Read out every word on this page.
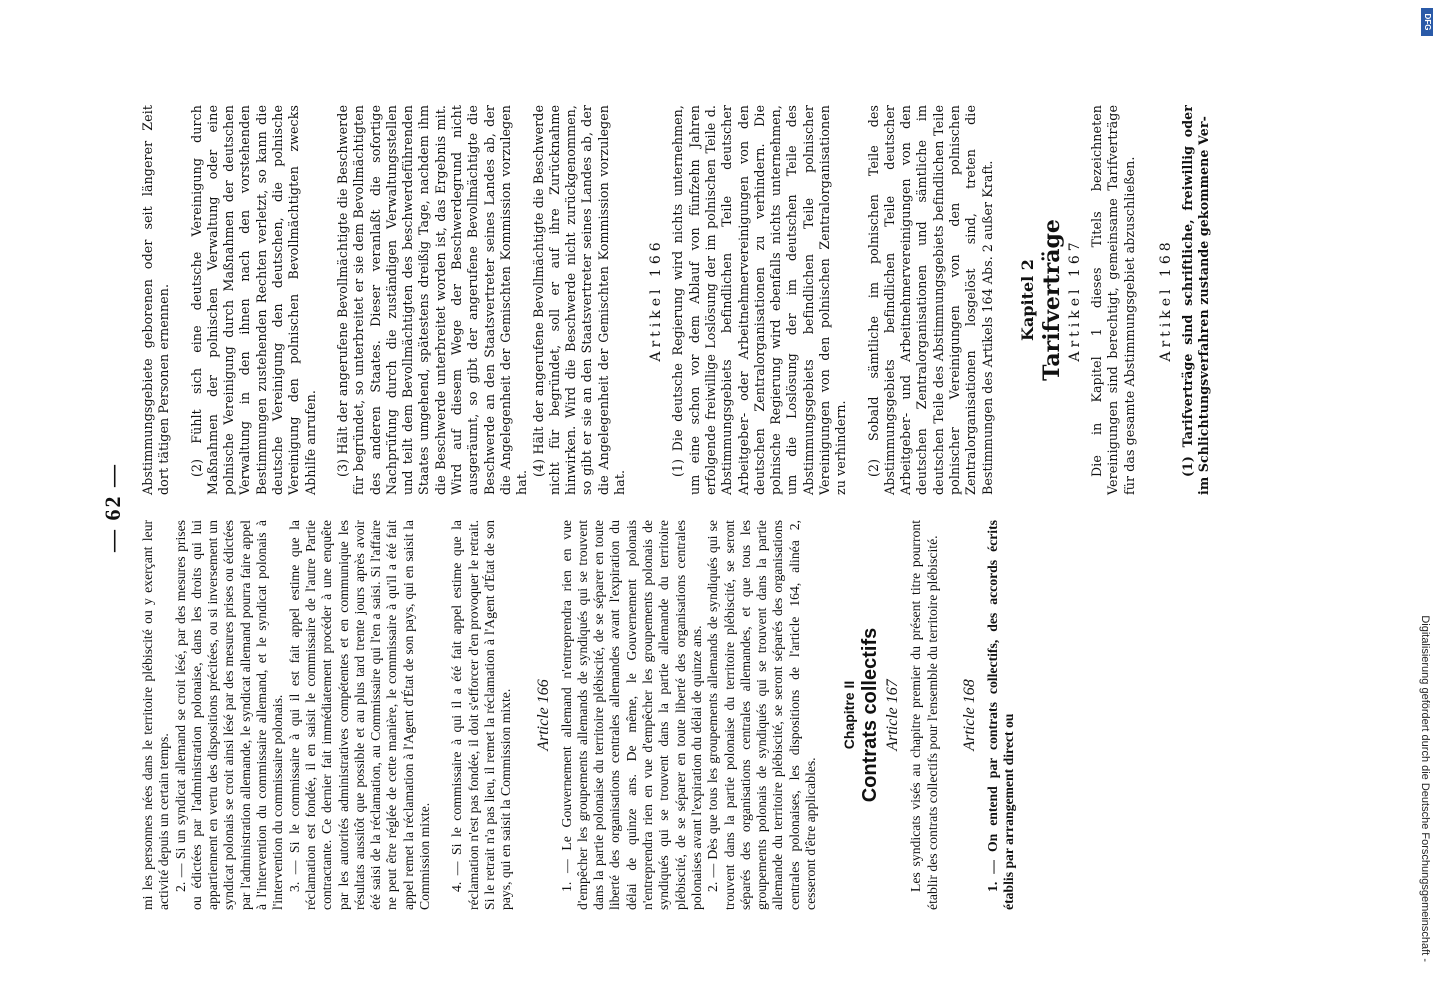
— 62 —

mi les personnes nées dans le territoire plébiscité ou y exerçant leur activité depuis un certain temps. 2. — Si un syndicat allemand se croit lésé, par des mesures prises ou édictées par l'administration polonaise, dans les droits qui lui appartiennent en vertu des dispositions précitées, ou si inversement un syndicat polonais se croit ainsi lésé par des mesures prises ou édictées par l'administration allemande, le syndicat allemand pourra faire appel à l'intervention du commissaire allemand, et le syndicat polonais à l'intervention du commissaire polonais. 3. — Si le commissaire à qui il est fait appel estime que la réclamation est fondée, il en saisit le commissaire de l'autre Partie contractante. Ce dernier fait immédiatement procéder à une enquête par les autorités administratives compétentes et en communique les résultats aussitôt que possible et au plus tard trente jours après avoir été saisi de la réclamation, au Commissaire qui l'en a saisi. Si l'affaire ne peut être réglée de cette manière, le commissaire à qu'il a été fait appel remet la réclamation à l'Agent d'État de son pays, qui en saisit la Commission mixte. 4. — Si le commissaire à qui il a été fait appel estime que la réclamation n'est pas fondée, il doit s'efforcer d'en provoquer le retrait. Si le retrait n'a pas lieu, il remet la réclamation à l'Agent d'État de son pays, qui en saisit la Commission mixte. Article 166 1. — Le Gouvernement allemand n'entreprendra rien en vue d'empêcher les groupements allemands de syndiqués qui se trouvent dans la partie polonaise du territoire plébiscité, de se séparer en toute liberté des organisations centrales allemandes avant l'expiration du délai de quinze ans. De même, le Gouvernement polonais n'entreprendra rien en vue d'empêcher les groupements polonais de syndiqués qui se trouvent dans la partie allemande du territoire plébiscité, de se séparer en toute liberté des organisations centrales polonaises avant l'expiration du délai de quinze ans. 2. — Dès que tous les groupements allemands de syndiqués qui se trouvent dans la partie polonaise du territoire plébiscité, se seront séparés des organisations centrales allemandes, et que tous les groupements polonais de syndiqués qui se trouvent dans la partie allemande du territoire plébiscité, se seront séparés des organisations centrales polonaises, les dispositions de l'article 164, alinéa 2, cesseront d'être applicables.

Chapitre II Contrats collectifs Article 167 Les syndicats visés au chapitre premier du présent titre pourront établir des contrats collectifs pour l'ensemble du territoire plébiscité. Article 168 1. — On entend par contrats collectifs, des accords écrits établis par arrangement direct ou

Abstimmungsgebiete geborenen oder seit längerer Zeit dort tätigen Personen ernennen. (2) Fühlt sich eine deutsche Vereinigung durch Maßnahmen der polnischen Verwaltung oder eine polnische Vereinigung durch Maßnahmen der deutschen Verwaltung in den ihnen nach den vorstehenden Bestimmungen zustehenden Rechten verletzt, so kann die deutsche Vereinigung den deutschen, die polnische Vereinigung den polnischen Bevollmächtigten zwecks Abhilfe anrufen. (3) Hält der angerufene Bevollmächtigte die Beschwerde für begründet, so unterbreitet er sie dem Bevollmächtigten des anderen Staates. Dieser veranlaßt die sofortige Nachprüfung durch die zuständigen Verwaltungsstellen und teilt dem Bevollmächtigten des beschwerdeführenden Staates umgehend, spätestens dreißig Tage, nachdem ihm die Beschwerde unterbreitet worden ist, das Ergebnis mit. Wird auf diesem Wege der Beschwerdegrund nicht ausgeräumt, so gibt der angerufene Bevollmächtigte die Beschwerde an den Staatsvertreter seines Landes ab, der die Angelegenheit der Gemischten Kommission vorzulegen hat.

(4) Hält der angerufene Bevollmächtigte die Beschwerde nicht für begründet, soll er auf ihre Zurücknahme hinwirken. Wird die Beschwerde nicht zurückgenommen, so gibt er sie an den Staatsvertreter seines Landes ab, der die Angelegenheit der Gemischten Kommission vorzulegen hat.

Artikel 166 (1) Die deutsche Regierung wird nichts unternehmen, um eine schon vor dem Ablauf von fünfzehn Jahren erfolgende freiwillige Loslösung der im polnischen Teile d. Abstimmungsgebiets befindlichen Teile deutscher Arbeitgeber- oder Arbeitnehmervereinigungen von den deutschen Zentralorganisationen zu verhindern. Die polnische Regierung wird ebenfalls nichts unternehmen, um die Loslösung der im deutschen Teile des Abstimmungsgebiets befindlichen Teile polnischer Vereinigungen von den polnischen Zentralorganisationen zu verhindern. (2) Sobald sämtliche im polnischen Teile des Abstimmungsgebiets befindlichen Teile deutscher Arbeitgeber- und Arbeitnehmervereinigungen von den deutschen Zentralorganisationen und sämtliche im deutschen Teile des Abstimmungsgebiets befindlichen Teile polnischer Vereinigungen von den polnischen Zentralorganisationen losgelöst sind, treten die Bestimmungen des Artikels 164 Abs. 2 außer Kraft. Kapitel 2 Tarifverträge Artikel 167 Die in Kapitel 1 dieses Titels bezeichneten Vereinigungen sind berechtigt, gemeinsame Tarifverträge für das gesamte Abstimmungsgebiet abzuschließen. Artikel 168 (1) Tarifverträge sind schriftliche, freiwillig oder im Schlichtungsverfahren zustande gekommene Ver-

DFG
Digitalisierung gefördert durch die Deutsche Forschungsgemeinschaft -
